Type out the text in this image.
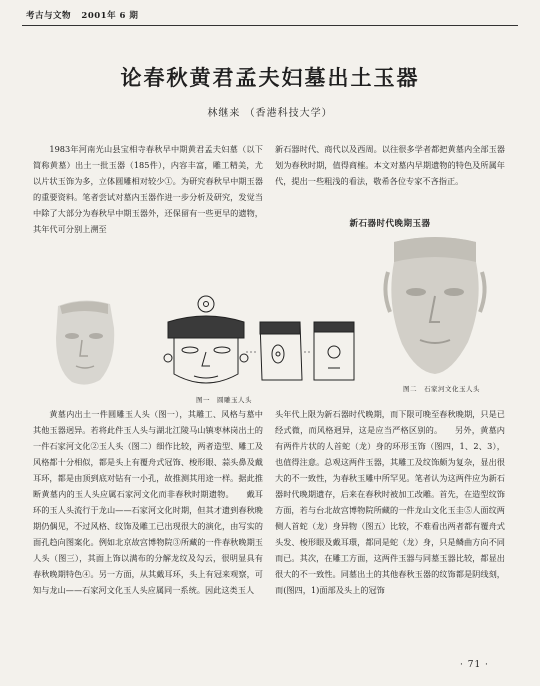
考古与文物 2001年 6 期
论春秋黄君孟夫妇墓出土玉器
林继来 （香港科技大学）

1983年河南光山县宝相寺春秋早中期黄君孟夫妇墓（以下简称黄墓）出土一批玉器（185件），内容丰富，雕工精美，尤以片状玉饰为多，立体圆雕相对较少①。为研究春秋早中期玉器的重要资料。笔者尝试对墓内玉器作进一步分析及研究，发觉当中除了大部分为春秋早中期玉器外，还保留有一些更早的遗物，其年代可分别上溯至

新石器时代、商代以及西周。以往很多学者都把黄墓内全部玉器划为春秋时期，值得商榷。本文对墓内早期遗物的特色及所属年代，提出一些粗浅的看法，敬希各位专家不吝指正。

新石器时代晚期玉器
图一　圆雕玉人头
图二　石家河文化玉人头

黄墓内出土一件圆雕玉人头（图一），其雕工、风格与墓中其他玉器迥异。若将此件玉人头与湖北江陵马山镇枣林岗出土的一件石家河文化②玉人头（图二）细作比较，两者造型、雕工及风格都十分相似，都是头上有覆舟式冠饰、梭形眼、蒜头鼻及戴耳环，都是由顶到底对钻有一小孔，故推测其用途一样。据此推断黄墓内的玉人头应属石家河文化而非春秋时期遗物。　　戴耳环的玉人头流行于龙山——石家河文化时期，但其才遗到春秋晚期仍偶见，不过风格、纹饰及雕工已出现很大的演化，由写实的面孔趋向图案化。例如北京故宫博物院③所藏的一件春秋晚期玉人头（图三），其面上饰以满布的分解龙纹及勾云，很明显具有春秋晚期特色④。另一方面，从其戴耳环，头上有冠来观察，可知与龙山——石家河文化玉人头应属同一系统。因此这类玉人

头年代上限为新石器时代晚期，而下限可晚至春秋晚期，只是已经式微，而风格迥异，这是应当严格区别的。　　另外，黄墓内有两件片状的人首蛇（龙）身的环形玉饰（图四，1、2、3），也值得注意。总观这两件玉器，其雕工及纹饰颇为复杂，显出很大的不一致性，为春秋玉雕中所罕见。笔者认为这两件应为新石器时代晚期遗存，后来在春秋时被加工改雕。首先，在造型纹饰方面，若与台北故宫博物院所藏的一件龙山文化玉圭⑤人面纹两侧人首蛇（龙）身异物（图五）比较，不难看出两者都有覆舟式头发、梭形眼及戴耳環，都同是蛇（龙）身，只是鳞曲方向不同而已。其次，在雕工方面，这两件玉器与同墓玉器比较，都显出很大的不一致性。同墓出土的其他春秋玉器的纹饰都是阴线刻，而(图四，1)面部及头上的冠饰

· 71 ·
